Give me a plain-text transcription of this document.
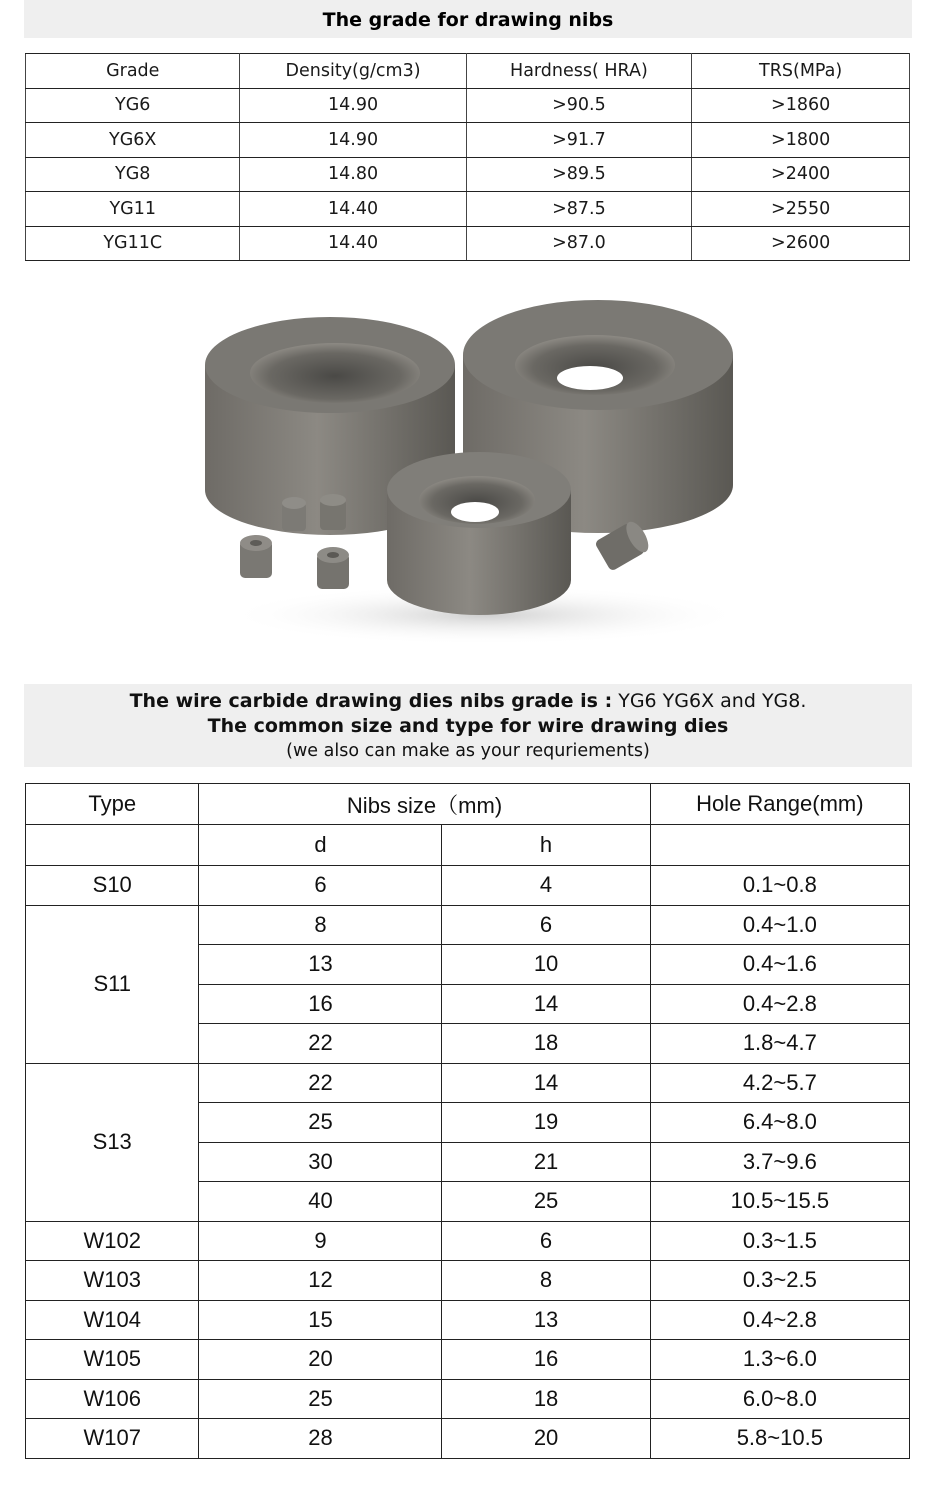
The grade for drawing nibs
Grade	Density(g/cm3)	Hardness( HRA)	TRS(MPa)
YG6	14.90	>90.5	>1860
YG6X	14.90	>91.7	>1800
YG8	14.80	>89.5	>2400
YG11	14.40	>87.5	>2550
YG11C	14.40	>87.0	>2600
The wire carbide drawing dies nibs grade is : YG6 YG6X and YG8.
The common size and type for wire drawing dies
(we also can make as your requriements)
Type	Nibs size（mm)		Hole Range(mm)
	d	h	
S10	6	4	0.1~0.8
S11	8	6	0.4~1.0
	13	10	0.4~1.6
	16	14	0.4~2.8
	22	18	1.8~4.7
S13	22	14	4.2~5.7
	25	19	6.4~8.0
	30	21	3.7~9.6
	40	25	10.5~15.5
W102	9	6	0.3~1.5
W103	12	8	0.3~2.5
W104	15	13	0.4~2.8
W105	20	16	1.3~6.0
W106	25	18	6.0~8.0
W107	28	20	5.8~10.5
